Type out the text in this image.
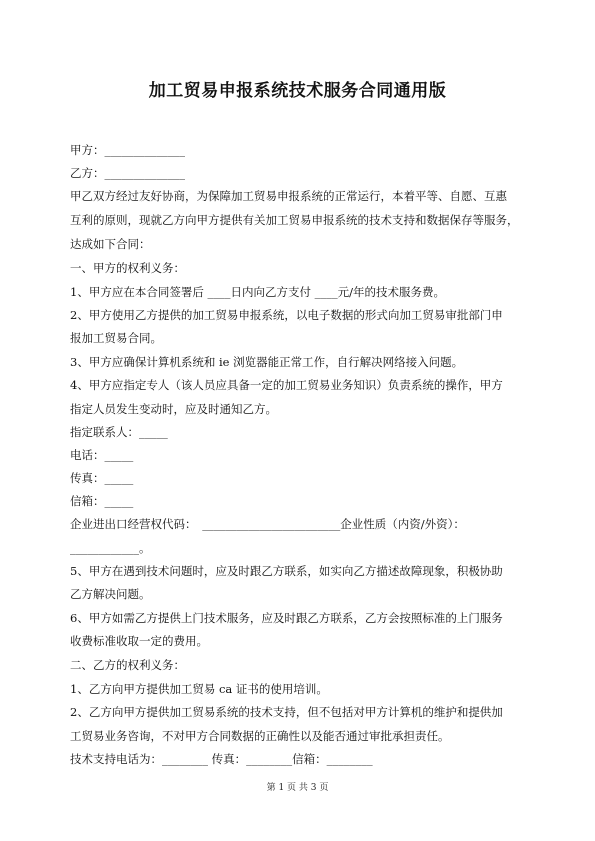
加工贸易申报系统技术服务合同通用版
甲方：______________
乙方：______________
甲乙双方经过友好协商，为保障加工贸易申报系统的正常运行，本着平等、自愿、互惠
互利的原则，现就乙方向甲方提供有关加工贸易申报系统的技术支持和数据保存等服务，
达成如下合同：
一、甲方的权利义务：
1、甲方应在本合同签署后 ____日内向乙方支付 ____元/年的技术服务费。
2、甲方使用乙方提供的加工贸易申报系统，以电子数据的形式向加工贸易审批部门申
报加工贸易合同。
3、甲方应确保计算机系统和 ie 浏览器能正常工作，自行解决网络接入问题。
4、甲方应指定专人（该人员应具备一定的加工贸易业务知识）负责系统的操作，甲方
指定人员发生变动时，应及时通知乙方。
指定联系人：_____
电话：_____
传真：_____
信箱：_____
企业进出口经营权代码：　________________________企业性质（内资/外资）：
____________。
5、甲方在遇到技术问题时，应及时跟乙方联系，如实向乙方描述故障现象，积极协助
乙方解决问题。
6、甲方如需乙方提供上门技术服务，应及时跟乙方联系，乙方会按照标准的上门服务
收费标准收取一定的费用。
二、乙方的权利义务：
1、乙方向甲方提供加工贸易 ca 证书的使用培训。
2、乙方向甲方提供加工贸易系统的技术支持，但不包括对甲方计算机的维护和提供加
工贸易业务咨询，不对甲方合同数据的正确性以及能否通过审批承担责任。
技术支持电话为：________ 传真：________信箱：________
第 1 页 共 3 页
